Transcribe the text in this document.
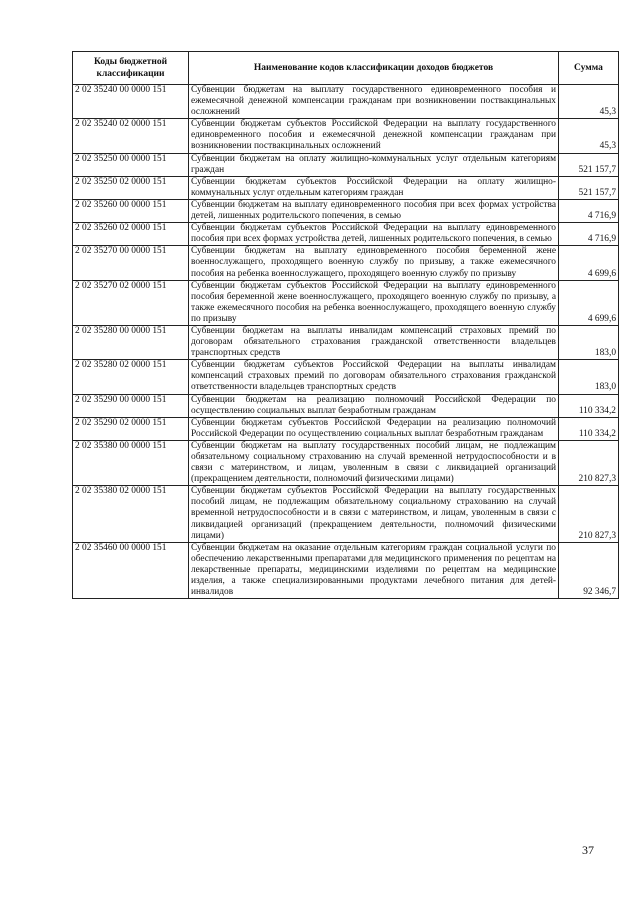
Коды бюджетной классификации	Наименование кодов классификации доходов бюджетов	Сумма
2 02 35240 00 0000 151	Субвенции бюджетам на выплату государственного единовременного пособия и ежемесячной денежной компенсации гражданам при возникновении поствакцинальных осложнений	45,3
2 02 35240 02 0000 151	Субвенции бюджетам субъектов Российской Федерации на выплату государственного единовременного пособия и ежемесячной денежной компенсации гражданам при возникновении поствакцинальных осложнений	45,3
2 02 35250 00 0000 151	Субвенции бюджетам на оплату жилищно-коммунальных услуг отдельным категориям граждан	521 157,7
2 02 35250 02 0000 151	Субвенции бюджетам субъектов Российской Федерации на оплату жилищно-коммунальных услуг отдельным категориям граждан	521 157,7
2 02 35260 00 0000 151	Субвенции бюджетам на выплату единовременного пособия при всех формах устройства детей, лишенных родительского попечения, в семью	4 716,9
2 02 35260 02 0000 151	Субвенции бюджетам субъектов Российской Федерации на выплату единовременного пособия при всех формах устройства детей, лишенных родительского попечения, в семью	4 716,9
2 02 35270 00 0000 151	Субвенции бюджетам на выплату единовременного пособия беременной жене военнослужащего, проходящего военную службу по призыву, а также ежемесячного пособия на ребенка военнослужащего, проходящего военную службу по призыву	4 699,6
2 02 35270 02 0000 151	Субвенции бюджетам субъектов Российской Федерации на выплату единовременного пособия беременной жене военнослужащего, проходящего военную службу по призыву, а также ежемесячного пособия на ребенка военнослужащего, проходящего военную службу по призыву	4 699,6
2 02 35280 00 0000 151	Субвенции бюджетам на выплаты инвалидам компенсаций страховых премий по договорам обязательного страхования гражданской ответственности владельцев транспортных средств	183,0
2 02 35280 02 0000 151	Субвенции бюджетам субъектов Российской Федерации на выплаты инвалидам компенсаций страховых премий по договорам обязательного страхования гражданской ответственности владельцев транспортных средств	183,0
2 02 35290 00 0000 151	Субвенции бюджетам на реализацию полномочий Российской Федерации по осуществлению социальных выплат безработным гражданам	110 334,2
2 02 35290 02 0000 151	Субвенции бюджетам субъектов Российской Федерации на реализацию полномочий Российской Федерации по осуществлению социальных выплат безработным гражданам	110 334,2
2 02 35380 00 0000 151	Субвенции бюджетам на выплату государственных пособий лицам, не подлежащим обязательному социальному страхованию на случай временной нетрудоспособности и в связи с материнством, и лицам, уволенным в связи с ликвидацией организаций (прекращением деятельности, полномочий физическими лицами)	210 827,3
2 02 35380 02 0000 151	Субвенции бюджетам субъектов Российской Федерации на выплату государственных пособий лицам, не подлежащим обязательному социальному страхованию на случай временной нетрудоспособности и в связи с материнством, и лицам, уволенным в связи с ликвидацией организаций (прекращением деятельности, полномочий физическими лицами)	210 827,3
2 02 35460 00 0000 151	Субвенции бюджетам на оказание отдельным категориям граждан социальной услуги по обеспечению лекарственными препаратами для медицинского применения по рецептам на лекарственные препараты, медицинскими изделиями по рецептам на медицинские изделия, а также специализированными продуктами лечебного питания для детей-инвалидов	92 346,7
37
